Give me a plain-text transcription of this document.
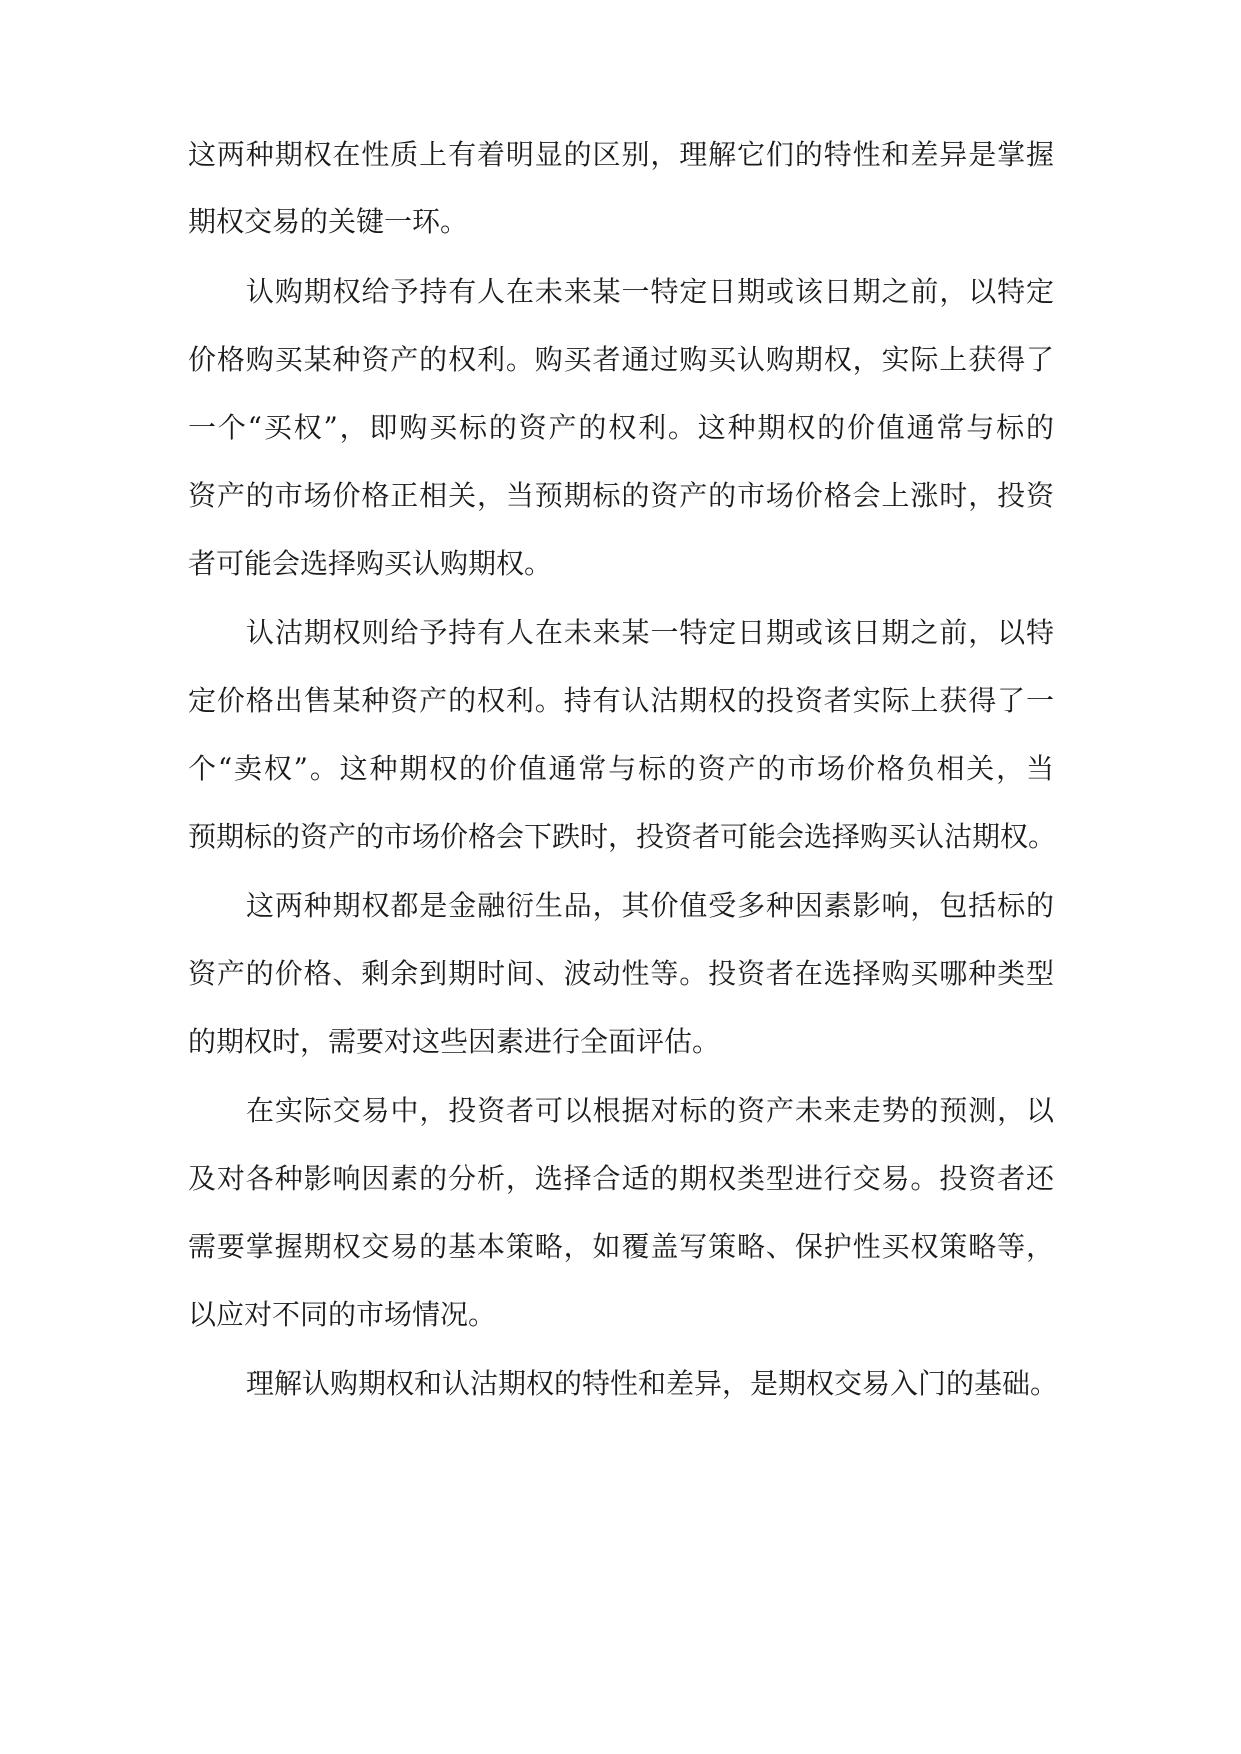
这两种期权在性质上有着明显的区别，理解它们的特性和差异是掌握
期权交易的关键一环。
认购期权给予持有人在未来某一特定日期或该日期之前，以特定
价格购买某种资产的权利。购买者通过购买认购期权，实际上获得了
一个“买权”，即购买标的资产的权利。这种期权的价值通常与标的
资产的市场价格正相关，当预期标的资产的市场价格会上涨时，投资
者可能会选择购买认购期权。
认沽期权则给予持有人在未来某一特定日期或该日期之前，以特
定价格出售某种资产的权利。持有认沽期权的投资者实际上获得了一
个“卖权”。这种期权的价值通常与标的资产的市场价格负相关，当
预期标的资产的市场价格会下跌时，投资者可能会选择购买认沽期权。
这两种期权都是金融衍生品，其价值受多种因素影响，包括标的
资产的价格、剩余到期时间、波动性等。投资者在选择购买哪种类型
的期权时，需要对这些因素进行全面评估。
在实际交易中，投资者可以根据对标的资产未来走势的预测，以
及对各种影响因素的分析，选择合适的期权类型进行交易。投资者还
需要掌握期权交易的基本策略，如覆盖写策略、保护性买权策略等，
以应对不同的市场情况。
理解认购期权和认沽期权的特性和差异，是期权交易入门的基础。
